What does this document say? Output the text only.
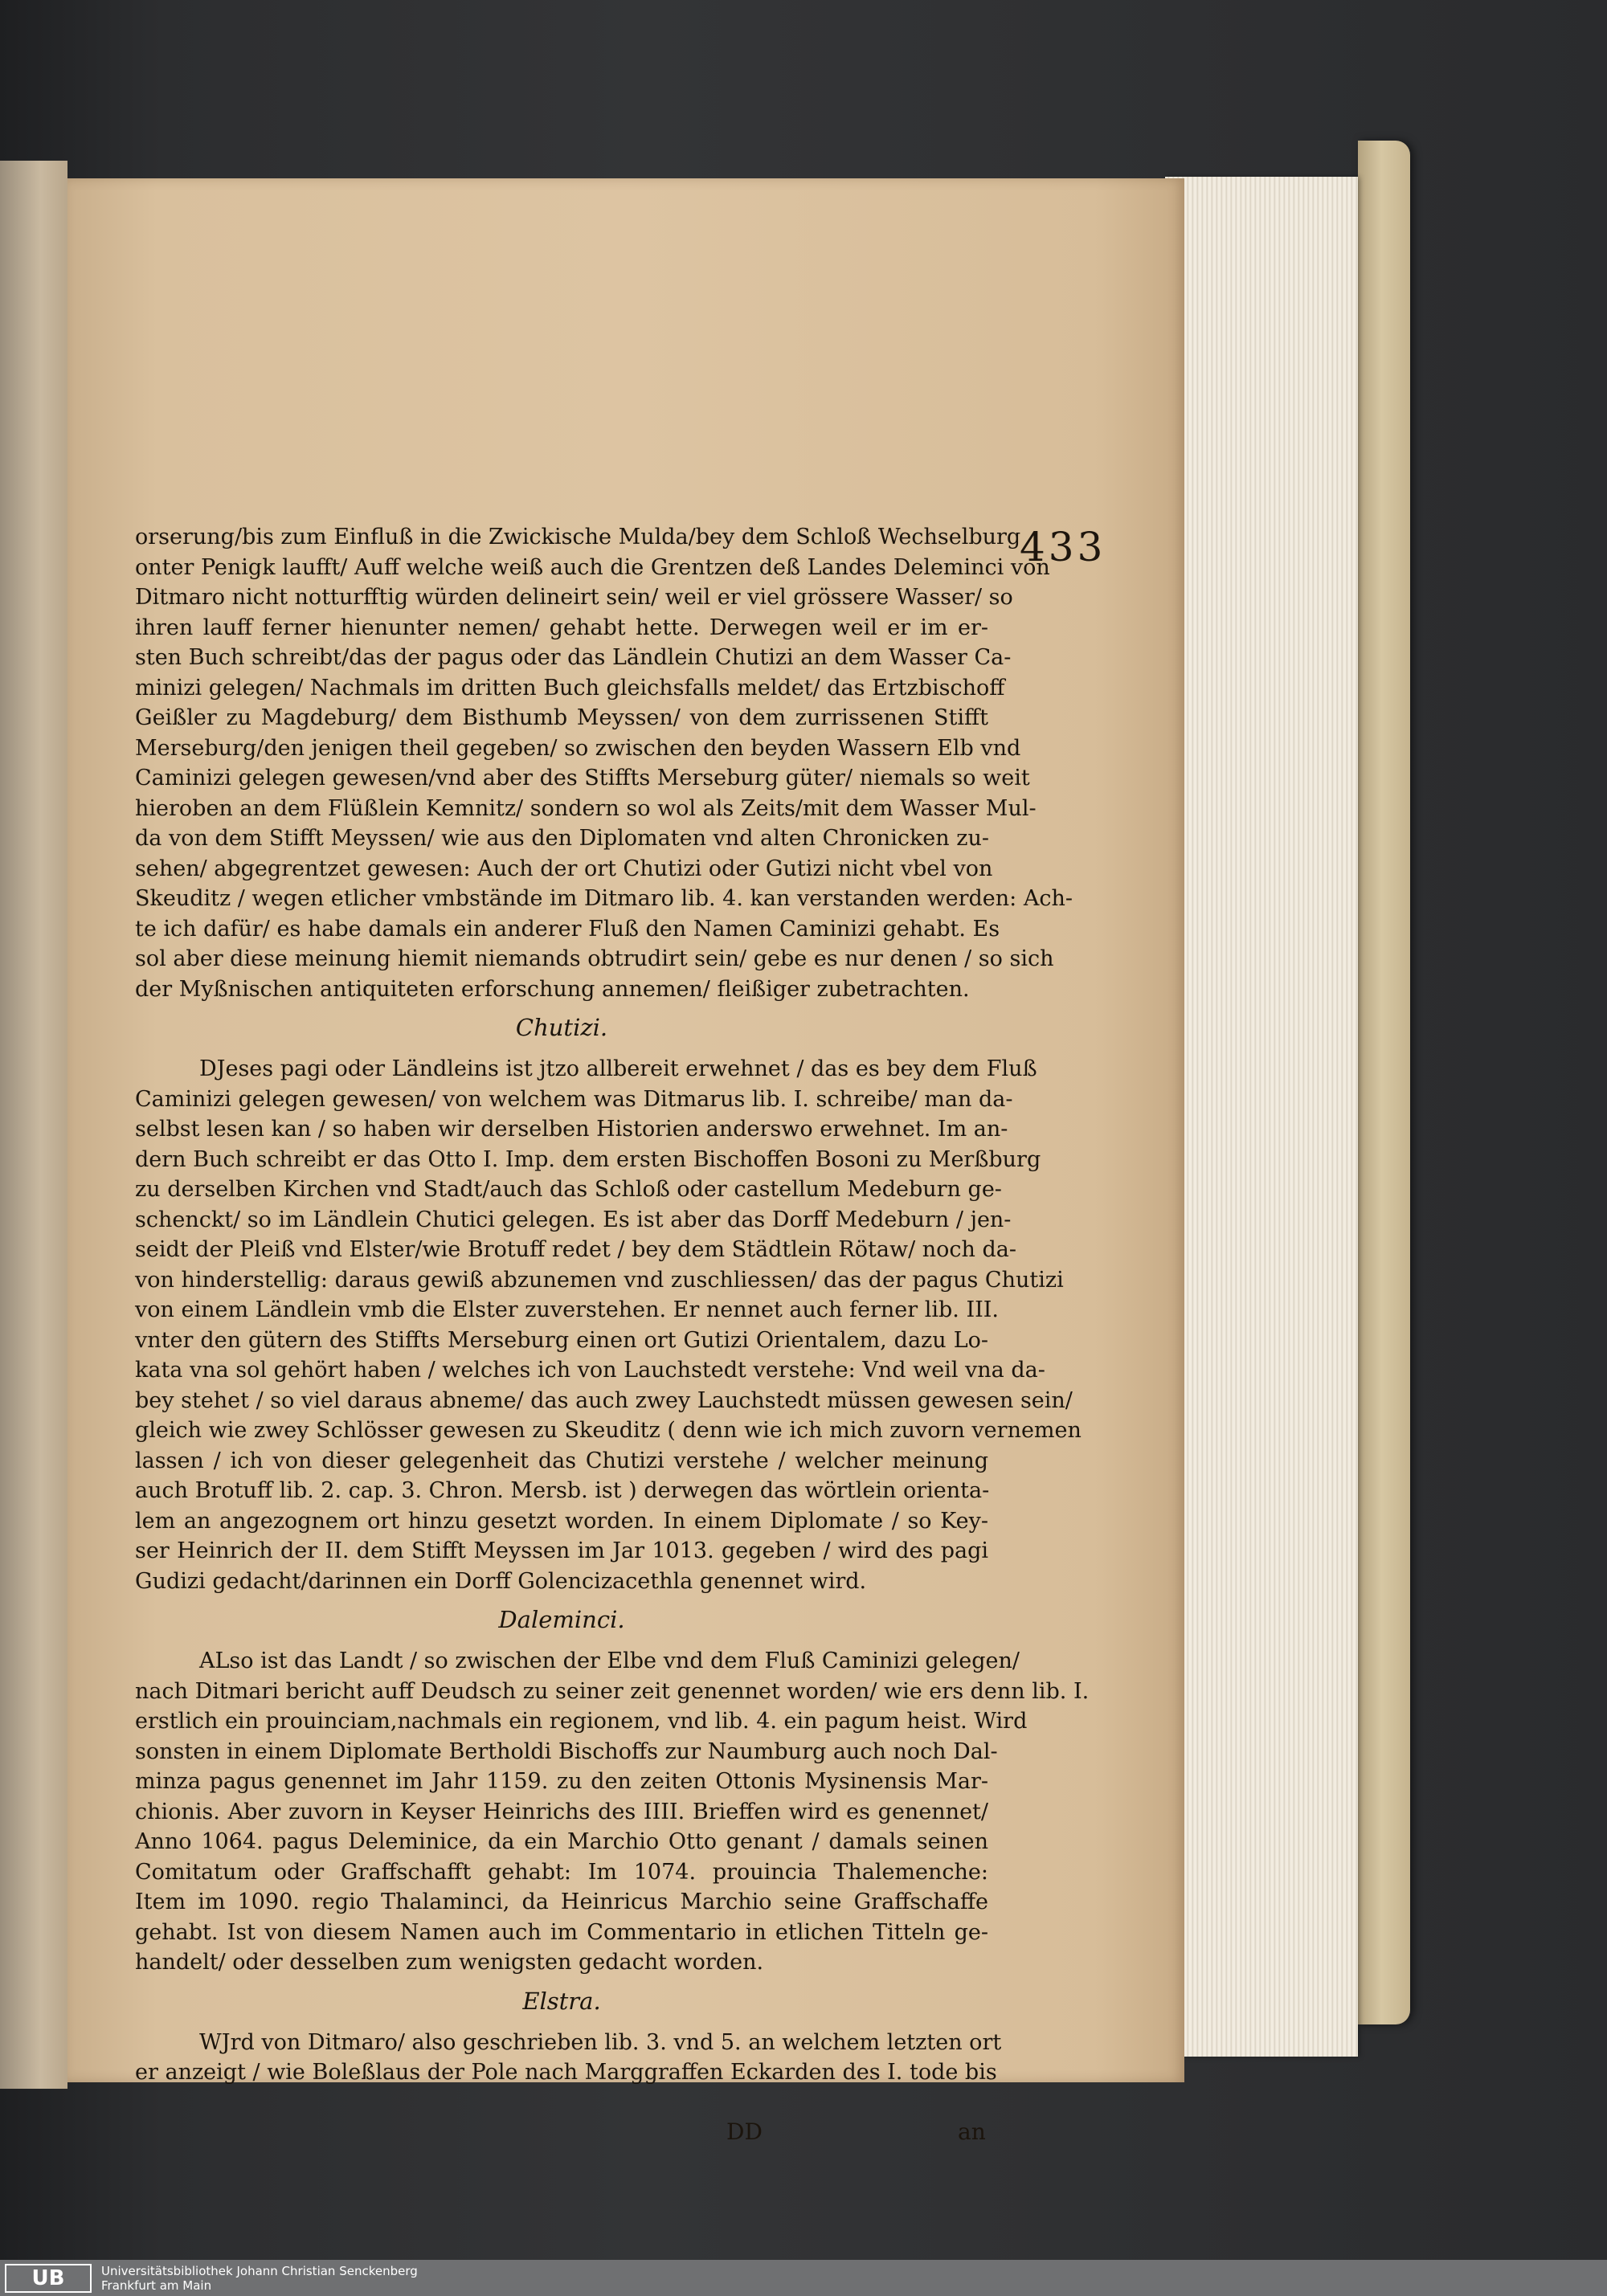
433
orserung/bis zum Einfluß in die Zwickische Mulda/bey dem Schloß Wechselburg
onter Penigk laufft/ Auff welche weiß auch die Grentzen deß Landes Deleminci von
Ditmaro nicht notturfftig würden delineirt sein/ weil er viel grössere Wasser/ so
ihren lauff ferner hienunter nemen/ gehabt hette. Derwegen weil er im er-
sten Buch schreibt/das der pagus oder das Ländlein Chutizi an dem Wasser Ca-
minizi gelegen/ Nachmals im dritten Buch gleichsfalls meldet/ das Ertzbischoff
Geißler zu Magdeburg/ dem Bisthumb Meyssen/ von dem zurrissenen Stifft
Merseburg/den jenigen theil gegeben/ so zwischen den beyden Wassern Elb vnd
Caminizi gelegen gewesen/vnd aber des Stiffts Merseburg güter/ niemals so weit
hieroben an dem Flüßlein Kemnitz/ sondern so wol als Zeits/mit dem Wasser Mul-
da von dem Stifft Meyssen/ wie aus den Diplomaten vnd alten Chronicken zu-
sehen/ abgegrentzet gewesen: Auch der ort Chutizi oder Gutizi nicht vbel von
Skeuditz / wegen etlicher vmbstände im Ditmaro lib. 4. kan verstanden werden: Ach-
te ich dafür/ es habe damals ein anderer Fluß den Namen Caminizi gehabt. Es
sol aber diese meinung hiemit niemands obtrudirt sein/ gebe es nur denen / so sich
der Myßnischen antiquiteten erforschung annemen/ fleißiger zubetrachten.
Chutizi.
DJeses pagi oder Ländleins ist jtzo allbereit erwehnet / das es bey dem Fluß
Caminizi gelegen gewesen/ von welchem was Ditmarus lib. I. schreibe/ man da-
selbst lesen kan / so haben wir derselben Historien anderswo erwehnet. Im an-
dern Buch schreibt er das Otto I. Imp. dem ersten Bischoffen Bosoni zu Merßburg
zu derselben Kirchen vnd Stadt/auch das Schloß oder castellum Medeburn ge-
schenckt/ so im Ländlein Chutici gelegen. Es ist aber das Dorff Medeburn / jen-
seidt der Pleiß vnd Elster/wie Brotuff redet / bey dem Städtlein Rötaw/ noch da-
von hinderstellig: daraus gewiß abzunemen vnd zuschliessen/ das der pagus Chutizi
von einem Ländlein vmb die Elster zuverstehen. Er nennet auch ferner lib. III.
vnter den gütern des Stiffts Merseburg einen ort Gutizi Orientalem, dazu Lo-
kata vna sol gehört haben / welches ich von Lauchstedt verstehe: Vnd weil vna da-
bey stehet / so viel daraus abneme/ das auch zwey Lauchstedt müssen gewesen sein/
gleich wie zwey Schlösser gewesen zu Skeuditz ( denn wie ich mich zuvorn vernemen
lassen / ich von dieser gelegenheit das Chutizi verstehe / welcher meinung
auch Brotuff lib. 2. cap. 3. Chron. Mersb. ist ) derwegen das wörtlein orienta-
lem an angezognem ort hinzu gesetzt worden. In einem Diplomate / so Key-
ser Heinrich der II. dem Stifft Meyssen im Jar 1013. gegeben / wird des pagi
Gudizi gedacht/darinnen ein Dorff Golencizacethla genennet wird.
Daleminci.
ALso ist das Landt / so zwischen der Elbe vnd dem Fluß Caminizi gelegen/
nach Ditmari bericht auff Deudsch zu seiner zeit genennet worden/ wie ers denn lib. I.
erstlich ein prouinciam,nachmals ein regionem, vnd lib. 4. ein pagum heist. Wird
sonsten in einem Diplomate Bertholdi Bischoffs zur Naumburg auch noch Dal-
minza pagus genennet im Jahr 1159. zu den zeiten Ottonis Mysinensis Mar-
chionis. Aber zuvorn in Keyser Heinrichs des IIII. Brieffen wird es genennet/
Anno 1064. pagus Deleminice, da ein Marchio Otto genant / damals seinen
Comitatum oder Graffschafft gehabt: Im 1074. prouincia Thalemenche:
Item im 1090. regio Thalaminci, da Heinricus Marchio seine Graffschaffe
gehabt. Ist von diesem Namen auch im Commentario in etlichen Titteln ge-
handelt/ oder desselben zum wenigsten gedacht worden.
Elstra.
WJrd von Ditmaro/ also geschrieben lib. 3. vnd 5. an welchem letzten ort
er anzeigt / wie Boleßlaus der Pole nach Marggraffen Eckarden des I. tode bis
DD	an
UB	Universitätsbibliothek Johann Christian Senckenberg
Frankfurt am Main
